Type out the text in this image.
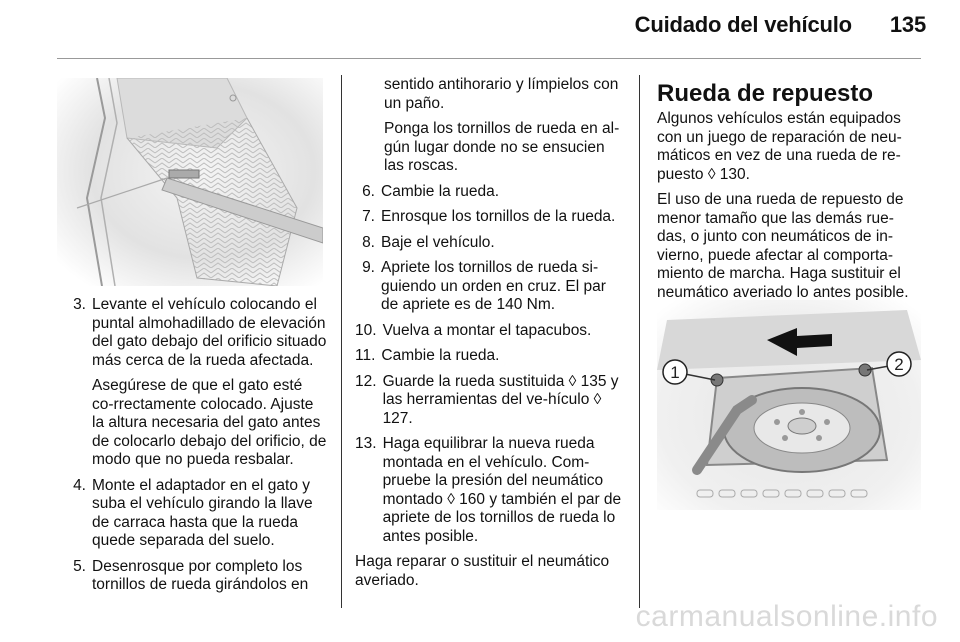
Cuidado del vehículo 135
3. Levante el vehículo colocando el puntal almohadillado de elevación del gato debajo del orificio situado más cerca de la rueda afectada.
Asegúrese de que el gato esté co-rrectamente colocado. Ajuste la altura necesaria del gato antes de colocarlo debajo del orificio, de modo que no pueda resbalar.
4. Monte el adaptador en el gato y suba el vehículo girando la llave de carraca hasta que la rueda quede separada del suelo.
5. Desenrosque por completo los tornillos de rueda girándolos en
sentido antihorario y límpielos con un paño.
Ponga los tornillos de rueda en al-gún lugar donde no se ensucien las roscas.
6. Cambie la rueda.
7. Enrosque los tornillos de la rueda.
8. Baje el vehículo.
9. Apriete los tornillos de rueda si-guiendo un orden en cruz. El par de apriete es de 140 Nm.
10. Vuelva a montar el tapacubos.
11. Cambie la rueda.
12. Guarde la rueda sustituida ◊ 135 y las herramientas del ve-hículo ◊ 127.
13. Haga equilibrar la nueva rueda montada en el vehículo. Com-pruebe la presión del neumático montado ◊ 160 y también el par de apriete de los tornillos de rueda lo antes posible.
Haga reparar o sustituir el neumático averiado.
Rueda de repuesto
Algunos vehículos están equipados con un juego de reparación de neu-máticos en vez de una rueda de re-puesto ◊ 130.
El uso de una rueda de repuesto de menor tamaño que las demás rue-das, o junto con neumáticos de in-vierno, puede afectar al comporta-miento de marcha. Haga sustituir el neumático averiado lo antes posible.
1	2
carmanualsonline.info
